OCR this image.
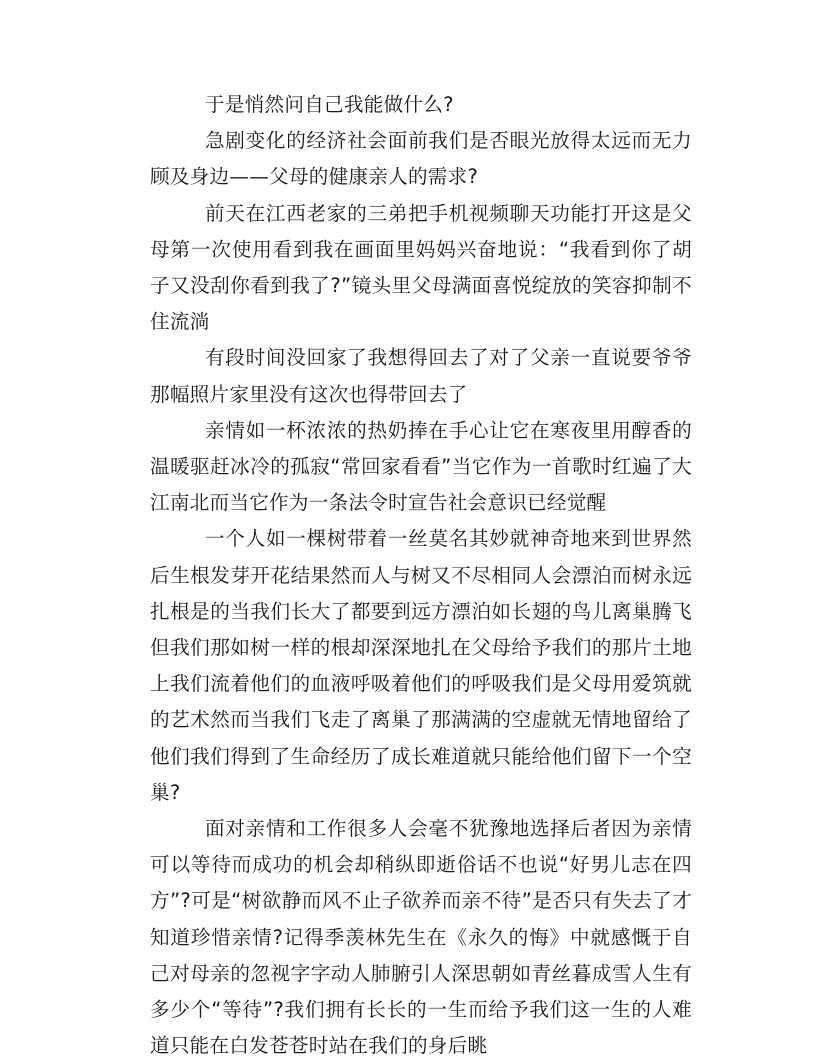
于是悄然问自己我能做什么?

急剧变化的经济社会面前我们是否眼光放得太远而无力顾及身边——父母的健康亲人的需求?

前天在江西老家的三弟把手机视频聊天功能打开这是父母第一次使用看到我在画面里妈妈兴奋地说：“我看到你了胡子又没刮你看到我了?”镜头里父母满面喜悦绽放的笑容抑制不住流淌

有段时间没回家了我想得回去了对了父亲一直说要爷爷那幅照片家里没有这次也得带回去了

亲情如一杯浓浓的热奶捧在手心让它在寒夜里用醇香的温暖驱赶冰冷的孤寂“常回家看看”当它作为一首歌时红遍了大江南北而当它作为一条法令时宣告社会意识已经觉醒

一个人如一棵树带着一丝莫名其妙就神奇地来到世界然后生根发芽开花结果然而人与树又不尽相同人会漂泊而树永远扎根是的当我们长大了都要到远方漂泊如长翅的鸟儿离巢腾飞但我们那如树一样的根却深深地扎在父母给予我们的那片土地上我们流着他们的血液呼吸着他们的呼吸我们是父母用爱筑就的艺术然而当我们飞走了离巢了那满满的空虚就无情地留给了他们我们得到了生命经历了成长难道就只能给他们留下一个空巢?

面对亲情和工作很多人会毫不犹豫地选择后者因为亲情可以等待而成功的机会却稍纵即逝俗话不也说“好男儿志在四方”?可是“树欲静而风不止子欲养而亲不待”是否只有失去了才知道珍惜亲情?记得季羡林先生在《永久的悔》中就感慨于自己对母亲的忽视字字动人肺腑引人深思朝如青丝暮成雪人生有多少个“等待”?我们拥有长长的一生而给予我们这一生的人难道只能在白发苍苍时站在我们的身后眺
